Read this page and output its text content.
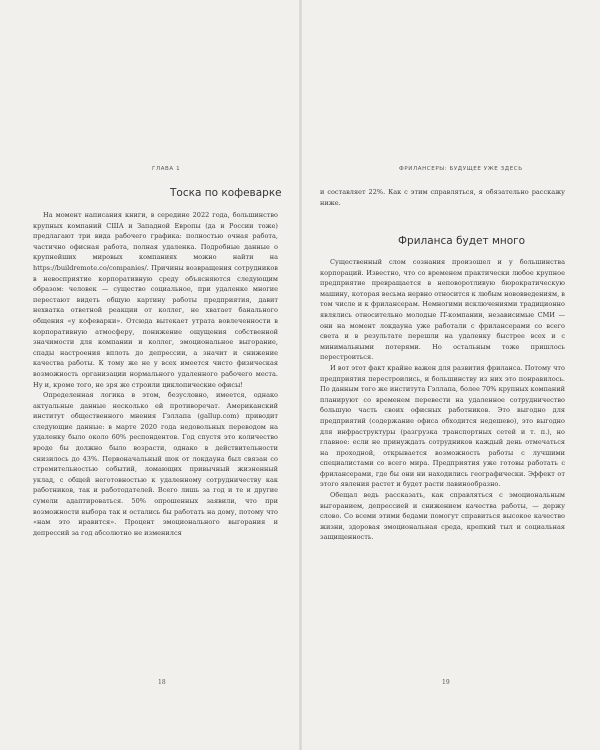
ГЛАВА 1
Тоска по кофеварке

На момент написания книги, в середине 2022 года, большинство крупных компаний США и Западной Европы (да и России тоже) предлагают три вида рабочего графика: полностью очная работа, частично офисная работа, полная удаленка. Подробные данные о крупнейших мировых компаниях можно найти на https://buildremote.co/companies/. Причины возвращения сотрудников в невосприятие корпоративную среду объясняются следующим образом: человек — существо социальное, при удаленке многие перестают видеть общую картину работы предприятия, давит нехватка ответной реакции от коллег, не хватает банального общения «у кофеварки». Отсюда вытекает утрата вовлеченности в корпоративную атмосферу, понижение ощущения собственной значимости для компании и коллег, эмоциональное выгорание, спады настроения вплоть до депрессии, а значит и снижение качества работы. К тому же не у всех имеется чисто физическая возможность организации нормального удаленного рабочего места. Ну и, кроме того, не зря же строили циклопические офисы!

Определенная логика в этом, безусловно, имеется, однако актуальные данные несколько ей противоречат. Американский институт общественного мнения Гэллапа (gallup.com) приводит следующие данные: в марте 2020 года недовольных переводом на удаленку было около 60% респондентов. Год спустя это количество вроде бы должно было возрасти, однако в действительности снизилось до 43%. Первоначальный шок от локдауна был связан со стремительностью событий, ломающих привычный жизненный уклад, с общей неготовностью к удаленному сотрудничеству как работников, так и работодателей. Всего лишь за год и те и другие сумели адаптироваться. 50% опрошенных заявили, что при возможности выбора так и остались бы работать на дому, потому что «нам это нравится». Процент эмоционального выгорания и депрессий за год абсолютно не изменился

18
ФРИЛАНСЕРЫ: БУДУЩЕЕ УЖЕ ЗДЕСЬ

и составляет 22%. Как с этим справляться, я обязательно расскажу ниже.

Фриланса будет много

Существенный слом сознания произошел и у большинства корпораций. Известно, что со временем практически любое крупное предприятие превращается в неповоротливую бюрократическую машину, которая весьма нервно относится к любым нововведениям, в том числе и к фрилансерам. Немногими исключениями традиционно являлись относительно молодые IT-компании, независимые СМИ — они на момент локдауна уже работали с фрилансерами со всего света и в результате перешли на удаленку быстрее всех и с минимальными потерями. Но остальным тоже пришлось перестроиться.

И вот этот факт крайне важен для развития фриланса. Потому что предприятия перестроились, и большинству из них это понравилось. По данным того же института Гэллапа, более 70% крупных компаний планируют со временем перевести на удаленное сотрудничество большую часть своих офисных работников. Это выгодно для предприятий (содержание офиса обходится недешево), это выгодно для инфраструктуры (разгрузка транспортных сетей и т. п.), но главное: если не принуждать сотрудников каждый день отмечаться на проходной, открывается возможность работы с лучшими специалистами со всего мира. Предприятия уже готовы работать с фрилансерами, где бы они ни находились географически. Эффект от этого явления растет и будет расти лавинообразно.

Обещал ведь рассказать, как справляться с эмоциональным выгоранием, депрессией и снижением качества работы, — держу слово. Со всеми этими бедами помогут справиться высокое качество жизни, здоровая эмоциональная среда, крепкий тыл и социальная защищенность.

19
